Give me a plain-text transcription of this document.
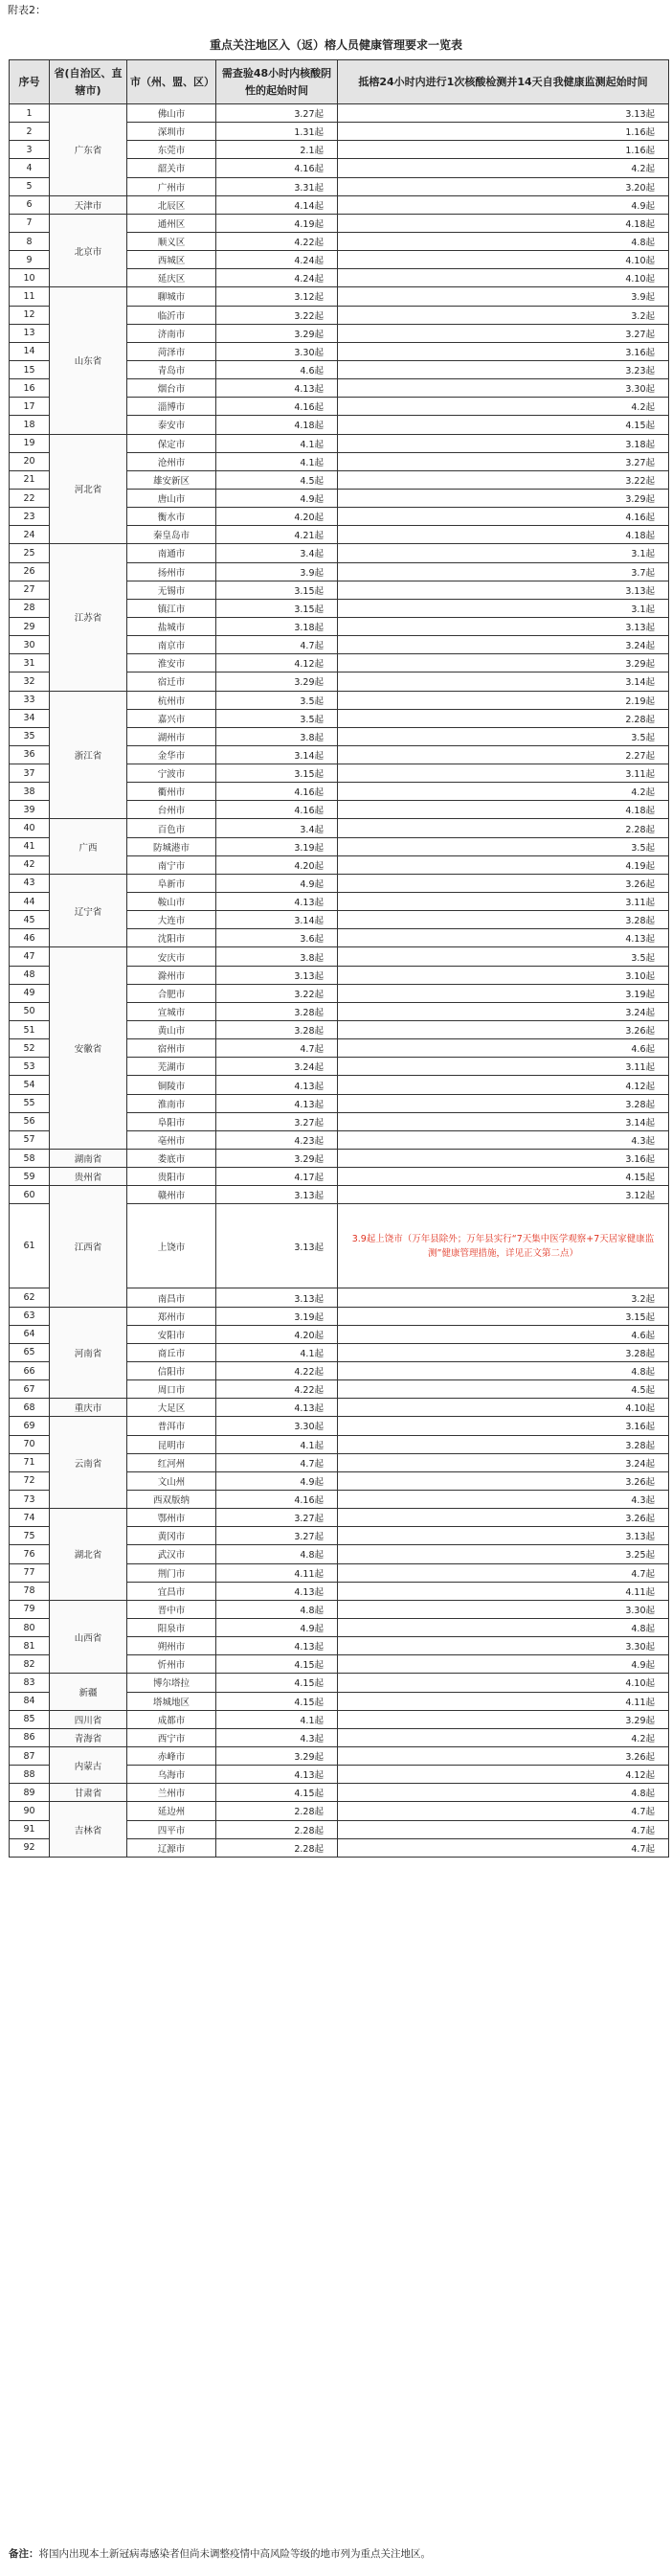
附表2：
重点关注地区入（返）榕人员健康管理要求一览表
序号	省(自治区、直辖市)	市（州、盟、区）	需查验48小时内核酸阴性的起始时间	抵榕24小时内进行1次核酸检测并14天自我健康监测起始时间
1	广东省	佛山市	3.27起	3.13起
2		深圳市	1.31起	1.16起
3		东莞市	2.1起	1.16起
4		韶关市	4.16起	4.2起
5		广州市	3.31起	3.20起
6	天津市	北辰区	4.14起	4.9起
7	北京市	通州区	4.19起	4.18起
8		顺义区	4.22起	4.8起
9		西城区	4.24起	4.10起
10		延庆区	4.24起	4.10起
11	山东省	聊城市	3.12起	3.9起
12		临沂市	3.22起	3.2起
13		济南市	3.29起	3.27起
14		菏泽市	3.30起	3.16起
15		青岛市	4.6起	3.23起
16		烟台市	4.13起	3.30起
17		淄博市	4.16起	4.2起
18		泰安市	4.18起	4.15起
19	河北省	保定市	4.1起	3.18起
20		沧州市	4.1起	3.27起
21		雄安新区	4.5起	3.22起
22		唐山市	4.9起	3.29起
23		衡水市	4.20起	4.16起
24		秦皇岛市	4.21起	4.18起
25	江苏省	南通市	3.4起	3.1起
26		扬州市	3.9起	3.7起
27		无锡市	3.15起	3.13起
28		镇江市	3.15起	3.1起
29		盐城市	3.18起	3.13起
30		南京市	4.7起	3.24起
31		淮安市	4.12起	3.29起
32		宿迁市	3.29起	3.14起
33	浙江省	杭州市	3.5起	2.19起
34		嘉兴市	3.5起	2.28起
35		湖州市	3.8起	3.5起
36		金华市	3.14起	2.27起
37		宁波市	3.15起	3.11起
38		衢州市	4.16起	4.2起
39		台州市	4.16起	4.18起
40	广西	百色市	3.4起	2.28起
41		防城港市	3.19起	3.5起
42		南宁市	4.20起	4.19起
43	辽宁省	阜新市	4.9起	3.26起
44		鞍山市	4.13起	3.11起
45		大连市	3.14起	3.28起
46		沈阳市	3.6起	4.13起
47	安徽省	安庆市	3.8起	3.5起
48		滁州市	3.13起	3.10起
49		合肥市	3.22起	3.19起
50		宣城市	3.28起	3.24起
51		黄山市	3.28起	3.26起
52		宿州市	4.7起	4.6起
53		芜湖市	3.24起	3.11起
54		铜陵市	4.13起	4.12起
55		淮南市	4.13起	3.28起
56		阜阳市	3.27起	3.14起
57		亳州市	4.23起	4.3起
58	湖南省	娄底市	3.29起	3.16起
59	贵州省	贵阳市	4.17起	4.15起
60	江西省	赣州市	3.13起	3.12起
61		上饶市	3.13起	3.9起上饶市（万年县除外；万年县实行“7天集中医学观察+7天居家健康监测”健康管理措施，详见正文第二点）
62		南昌市	3.13起	3.2起
63	河南省	郑州市	3.19起	3.15起
64		安阳市	4.20起	4.6起
65		商丘市	4.1起	3.28起
66		信阳市	4.22起	4.8起
67		周口市	4.22起	4.5起
68	重庆市	大足区	4.13起	4.10起
69	云南省	普洱市	3.30起	3.16起
70		昆明市	4.1起	3.28起
71		红河州	4.7起	3.24起
72		文山州	4.9起	3.26起
73		西双版纳	4.16起	4.3起
74	湖北省	鄂州市	3.27起	3.26起
75		黄冈市	3.27起	3.13起
76		武汉市	4.8起	3.25起
77		荆门市	4.11起	4.7起
78		宜昌市	4.13起	4.11起
79	山西省	晋中市	4.8起	3.30起
80		阳泉市	4.9起	4.8起
81		朔州市	4.13起	3.30起
82		忻州市	4.15起	4.9起
83	新疆	博尔塔拉	4.15起	4.10起
84		塔城地区	4.15起	4.11起
85	四川省	成都市	4.1起	3.29起
86	青海省	西宁市	4.3起	4.2起
87	内蒙古	赤峰市	3.29起	3.26起
88		乌海市	4.13起	4.12起
89	甘肃省	兰州市	4.15起	4.8起
90	吉林省	延边州	2.28起	4.7起
91		四平市	2.28起	4.7起
92		辽源市	2.28起	4.7起
备注：将国内出现本土新冠病毒感染者但尚未调整疫情中高风险等级的地市列为重点关注地区。
